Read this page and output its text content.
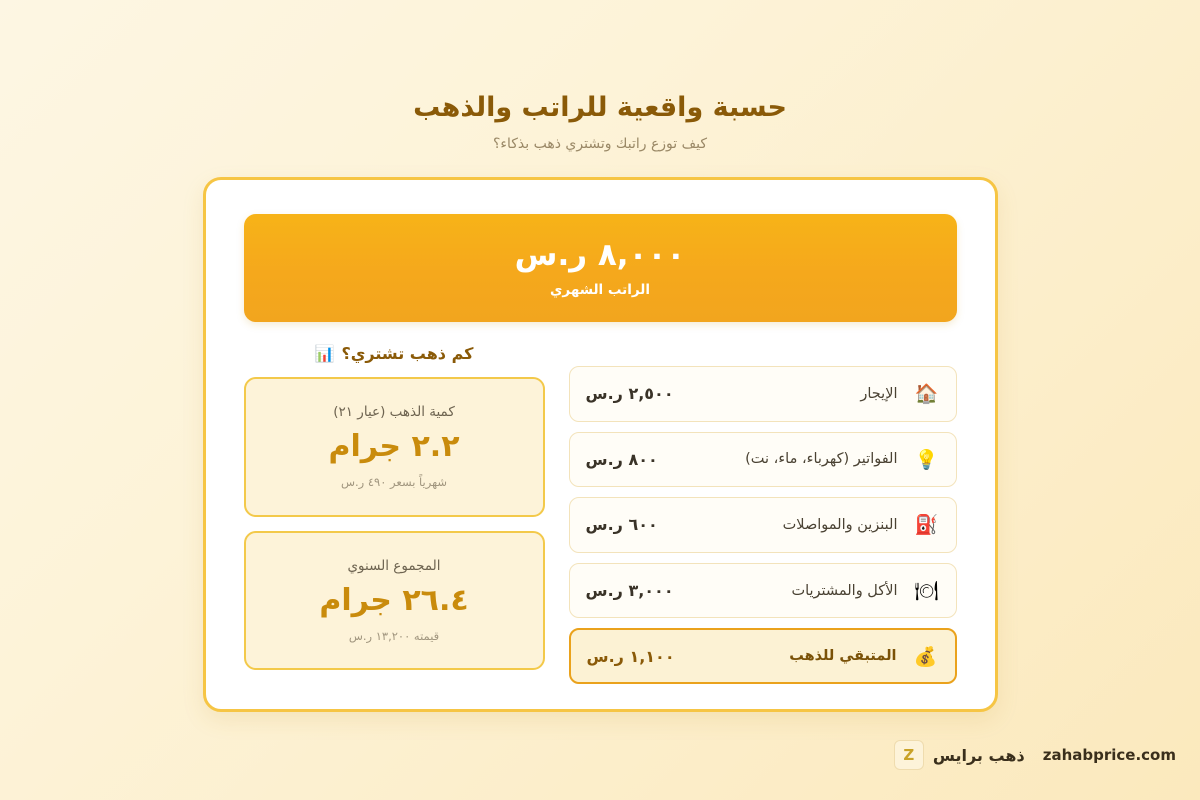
حسبة واقعية للراتب والذهب
كيف توزع راتبك وتشتري ذهب بذكاء؟
٨,٠٠٠ ر.س
الراتب الشهري
🏠
الإيجار
٢,٥٠٠ ر.س
💡
الفواتير (كهرباء، ماء، نت)
٨٠٠ ر.س
⛽
البنزين والمواصلات
٦٠٠ ر.س
🍽
الأكل والمشتريات
٣,٠٠٠ ر.س
💰
المتبقي للذهب
١,١٠٠ ر.س
كم ذهب تشتري؟
📊
كمية الذهب (عيار ٢١)
٢.٢ جرام
شهرياً بسعر ٤٩٠ ر.س
المجموع السنوي
٢٦.٤ جرام
قيمته ١٣,٢٠٠ ر.س
zahabprice.com
ذهب برايس
Z
